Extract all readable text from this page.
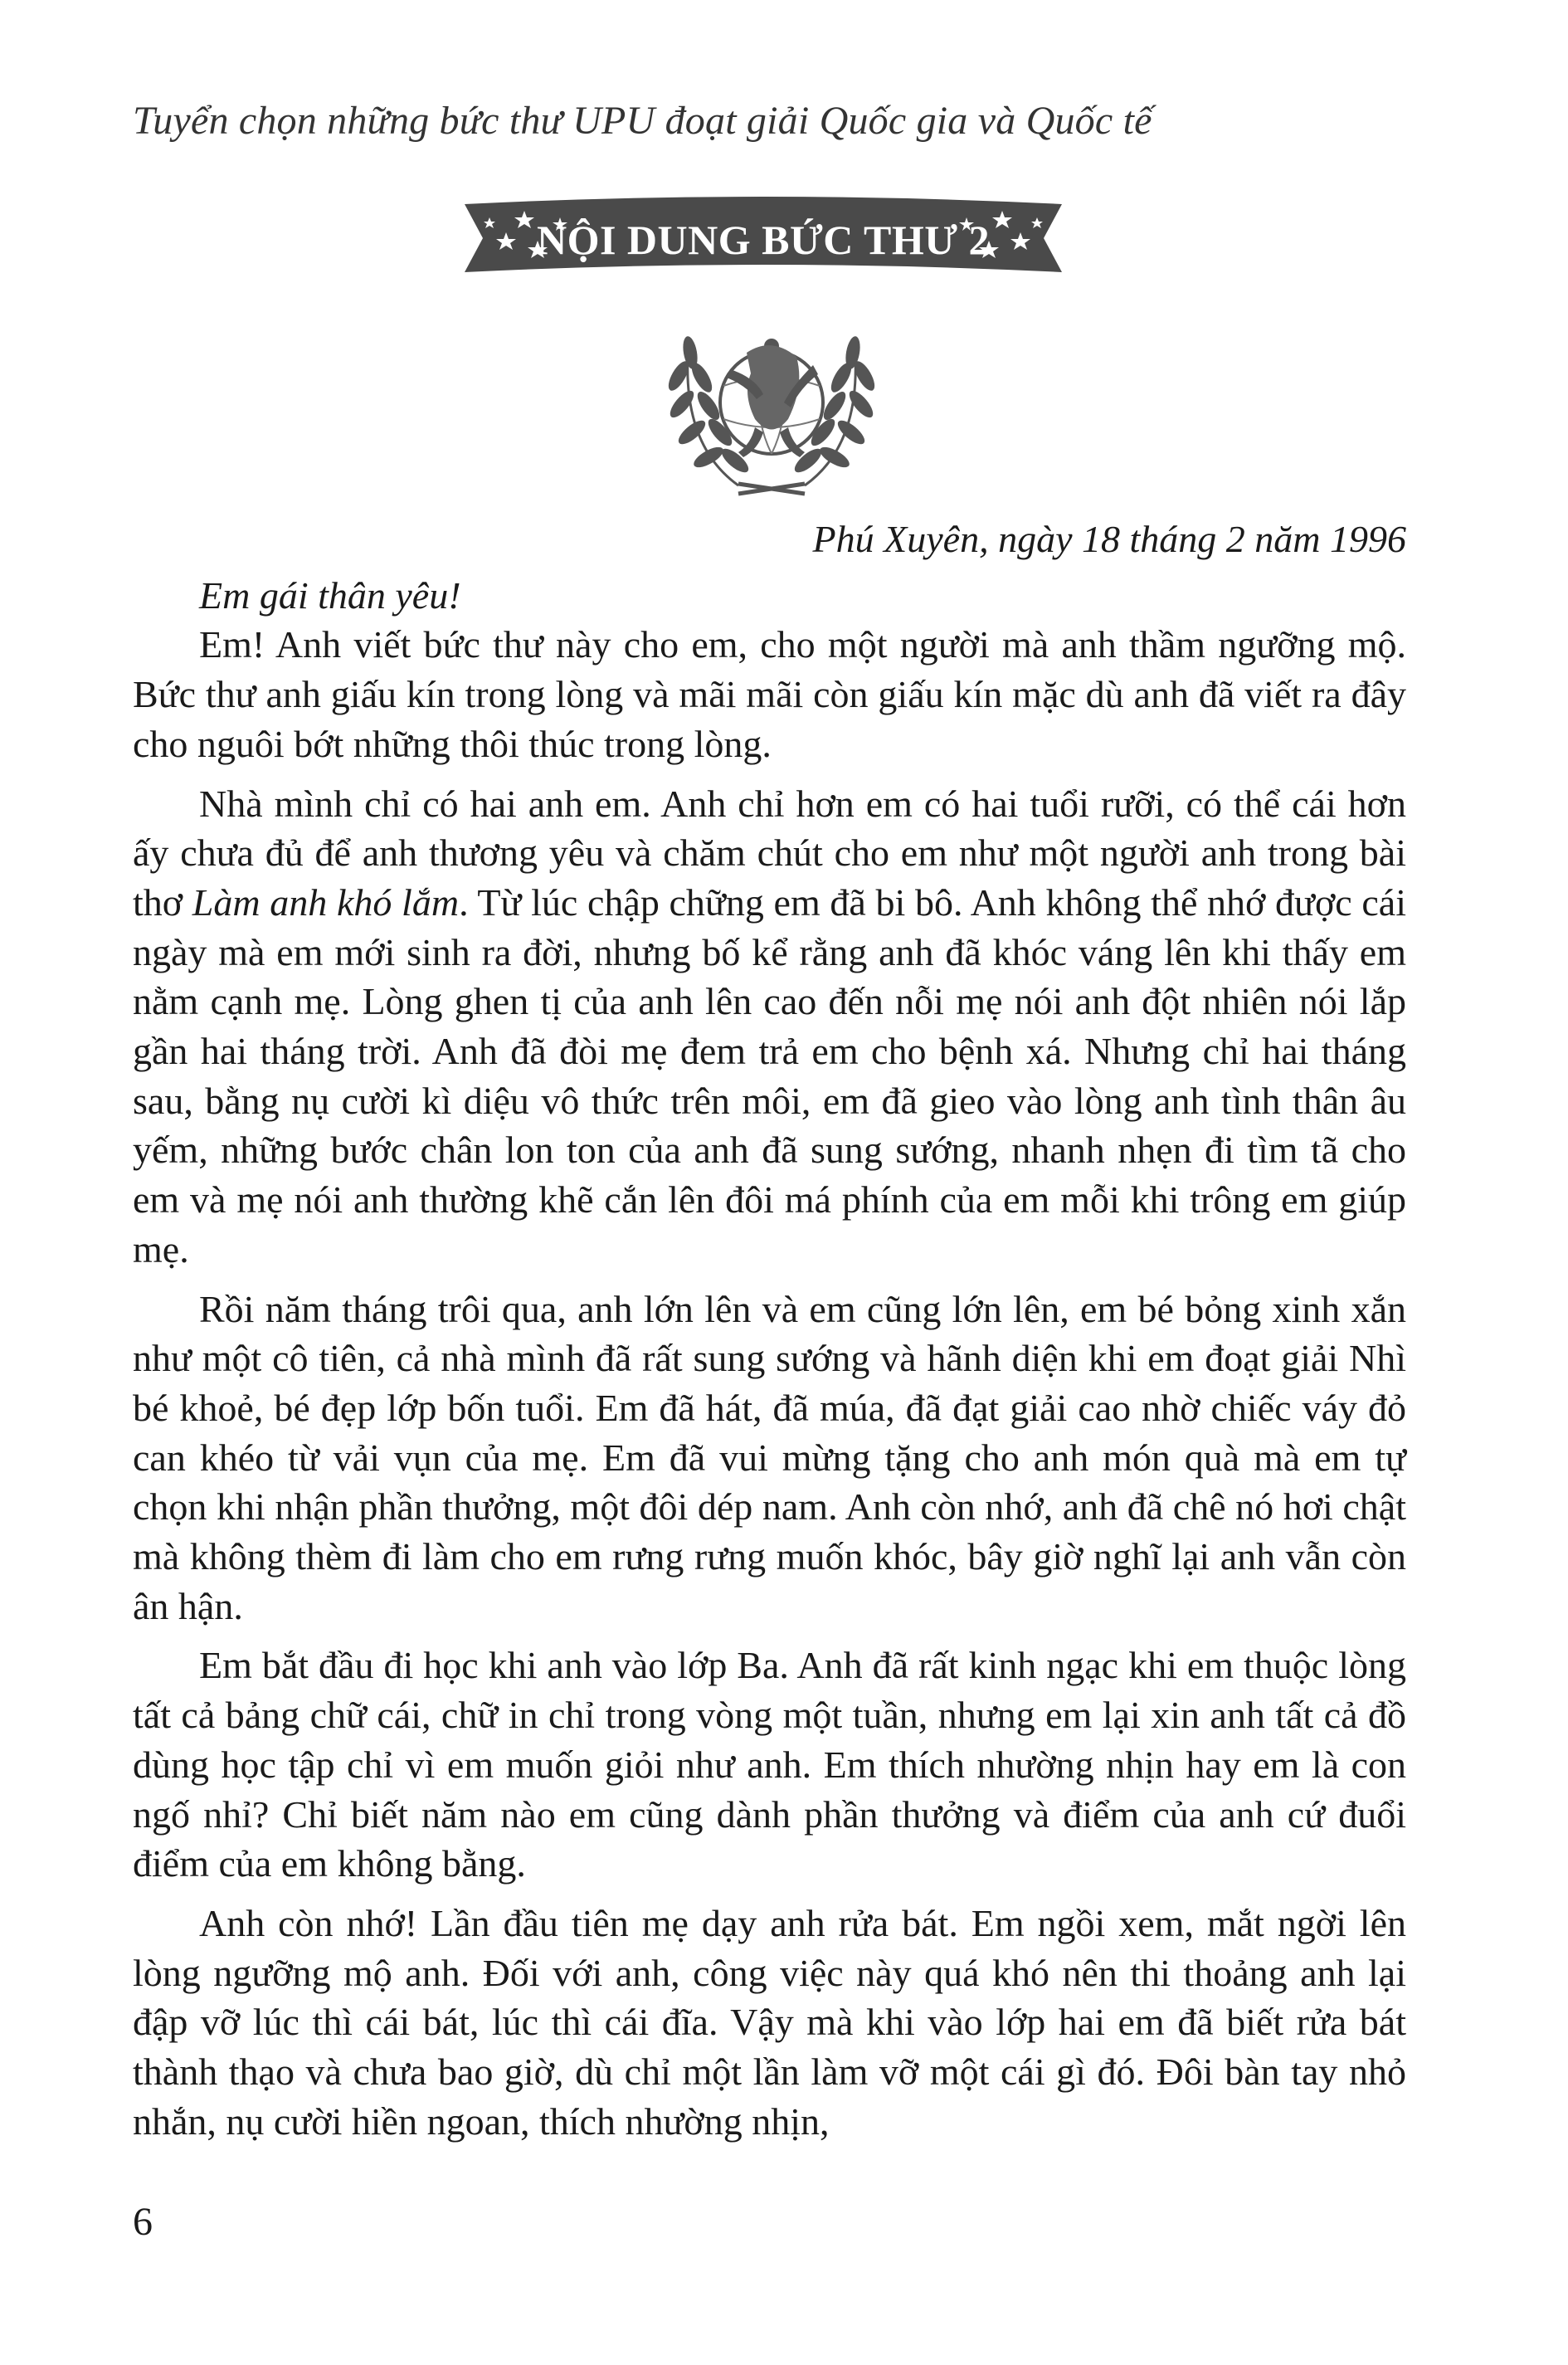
Tuyển chọn những bức thư UPU đoạt giải Quốc gia và Quốc tế
NỘI DUNG BỨC THƯ 2

Phú Xuyên, ngày 18 tháng 2 năm 1996

Em gái thân yêu!

Em! Anh viết bức thư này cho em, cho một người mà anh thầm ngưỡng mộ. Bức thư anh giấu kín trong lòng và mãi mãi còn giấu kín mặc dù anh đã viết ra đây cho nguôi bớt những thôi thúc trong lòng.

Nhà mình chỉ có hai anh em. Anh chỉ hơn em có hai tuổi rưỡi, có thể cái hơn ấy chưa đủ để anh thương yêu và chăm chút cho em như một người anh trong bài thơ Làm anh khó lắm. Từ lúc chập chững em đã bi bô. Anh không thể nhớ được cái ngày mà em mới sinh ra đời, nhưng bố kể rằng anh đã khóc váng lên khi thấy em nằm cạnh mẹ. Lòng ghen tị của anh lên cao đến nỗi mẹ nói anh đột nhiên nói lắp gần hai tháng trời. Anh đã đòi mẹ đem trả em cho bệnh xá. Nhưng chỉ hai tháng sau, bằng nụ cười kì diệu vô thức trên môi, em đã gieo vào lòng anh tình thân âu yếm, những bước chân lon ton của anh đã sung sướng, nhanh nhẹn đi tìm tã cho em và mẹ nói anh thường khẽ cắn lên đôi má phính của em mỗi khi trông em giúp mẹ.

Rồi năm tháng trôi qua, anh lớn lên và em cũng lớn lên, em bé bỏng xinh xắn như một cô tiên, cả nhà mình đã rất sung sướng và hãnh diện khi em đoạt giải Nhì bé khoẻ, bé đẹp lớp bốn tuổi. Em đã hát, đã múa, đã đạt giải cao nhờ chiếc váy đỏ can khéo từ vải vụn của mẹ. Em đã vui mừng tặng cho anh món quà mà em tự chọn khi nhận phần thưởng, một đôi dép nam. Anh còn nhớ, anh đã chê nó hơi chật mà không thèm đi làm cho em rưng rưng muốn khóc, bây giờ nghĩ lại anh vẫn còn ân hận.

Em bắt đầu đi học khi anh vào lớp Ba. Anh đã rất kinh ngạc khi em thuộc lòng tất cả bảng chữ cái, chữ in chỉ trong vòng một tuần, nhưng em lại xin anh tất cả đồ dùng học tập chỉ vì em muốn giỏi như anh. Em thích nhường nhịn hay em là con ngố nhỉ? Chỉ biết năm nào em cũng dành phần thưởng và điểm của anh cứ đuổi điểm của em không bằng.

Anh còn nhớ! Lần đầu tiên mẹ dạy anh rửa bát. Em ngồi xem, mắt ngời lên lòng ngưỡng mộ anh. Đối với anh, công việc này quá khó nên thi thoảng anh lại đập vỡ lúc thì cái bát, lúc thì cái đĩa. Vậy mà khi vào lớp hai em đã biết rửa bát thành thạo và chưa bao giờ, dù chỉ một lần làm vỡ một cái gì đó. Đôi bàn tay nhỏ nhắn, nụ cười hiền ngoan, thích nhường nhịn,

6
